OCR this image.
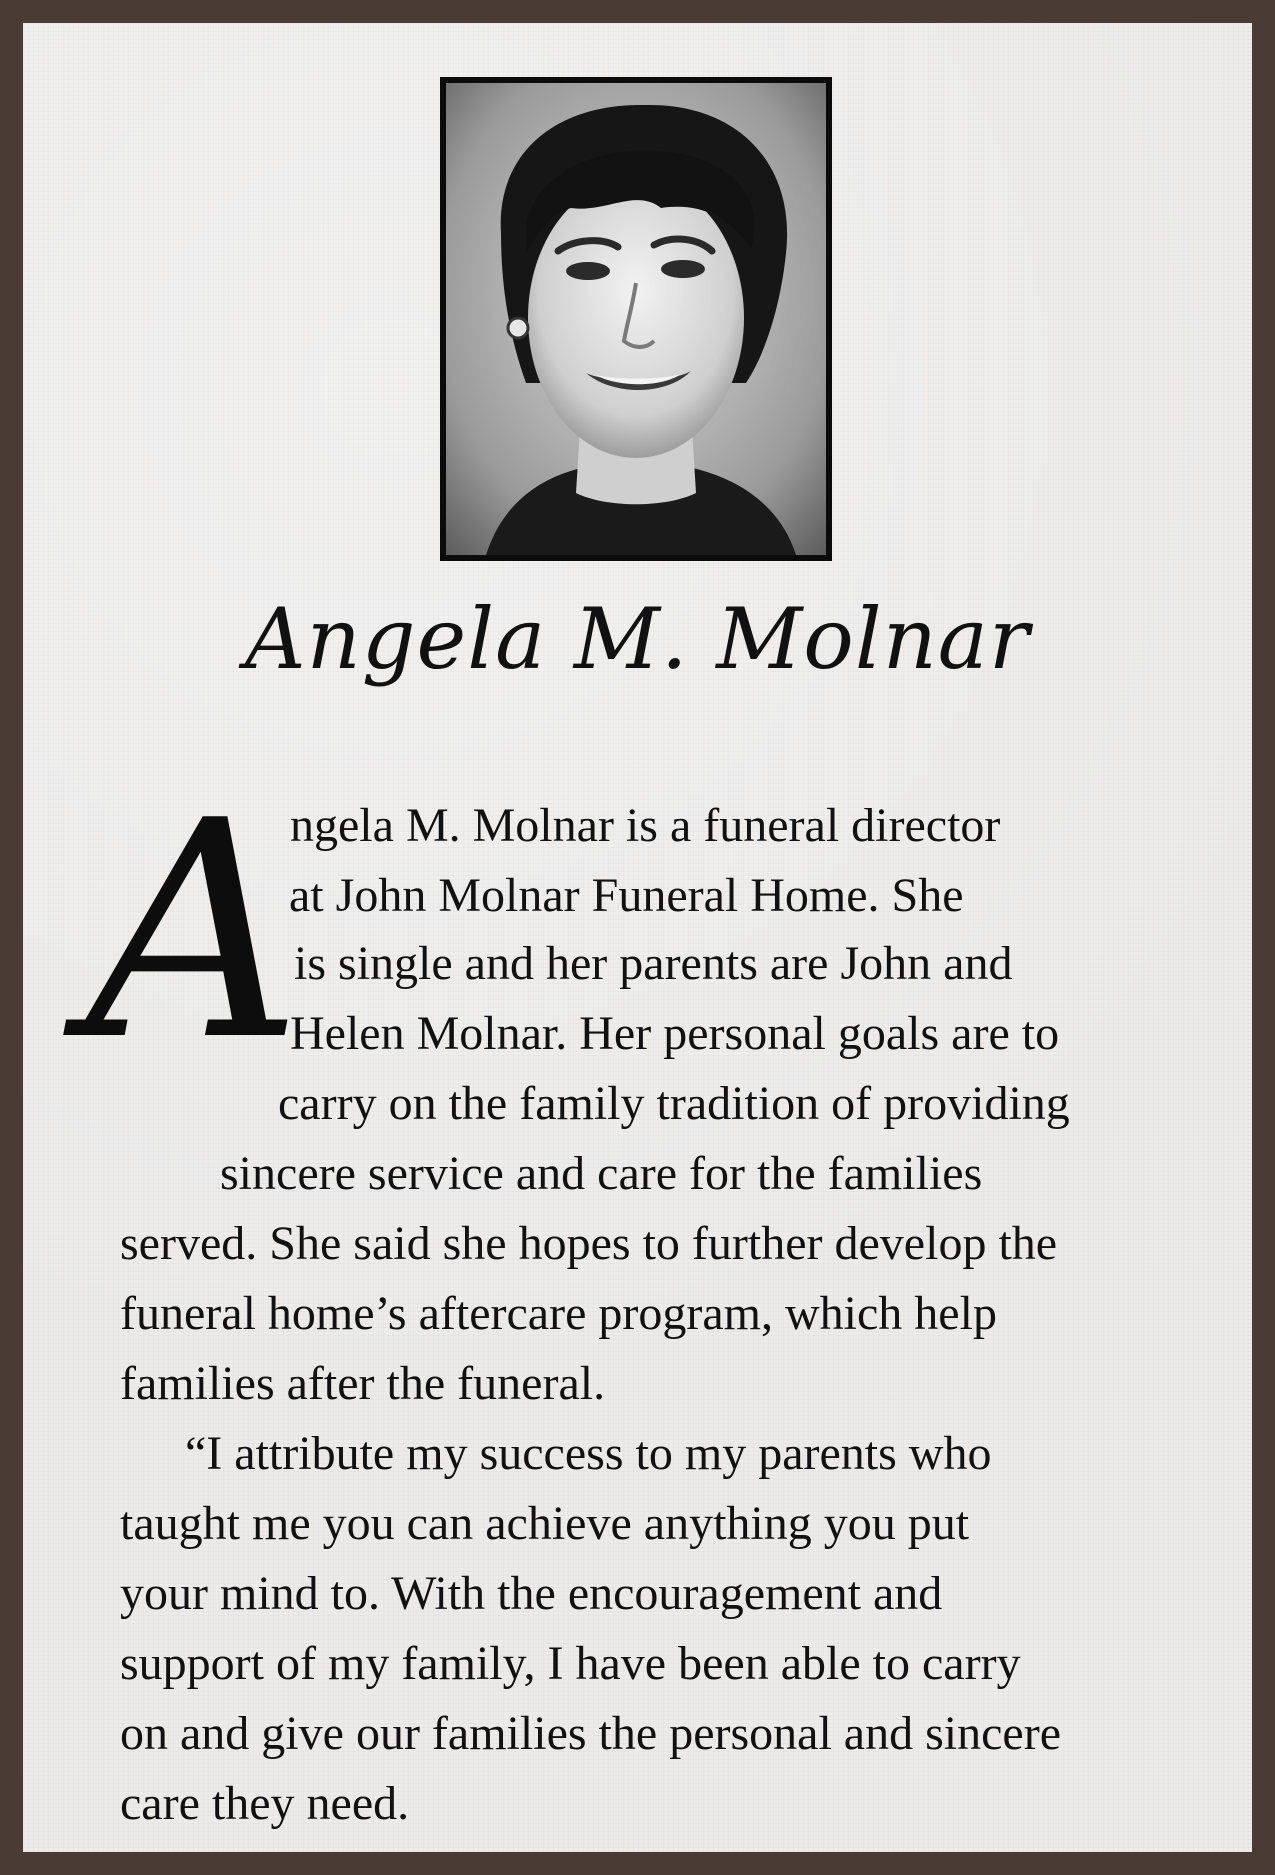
Angela M. Molnar
A
ngela M. Molnar is a funeral director
at John Molnar Funeral Home. She
is single and her parents are John and
Helen Molnar. Her personal goals are to
carry on the family tradition of providing
sincere service and care for the families
served. She said she hopes to further develop the
funeral home’s aftercare program, which help
families after the funeral.
“I attribute my success to my parents who
taught me you can achieve anything you put
your mind to. With the encouragement and
support of my family, I have been able to carry
on and give our families the personal and sincere
care they need.
